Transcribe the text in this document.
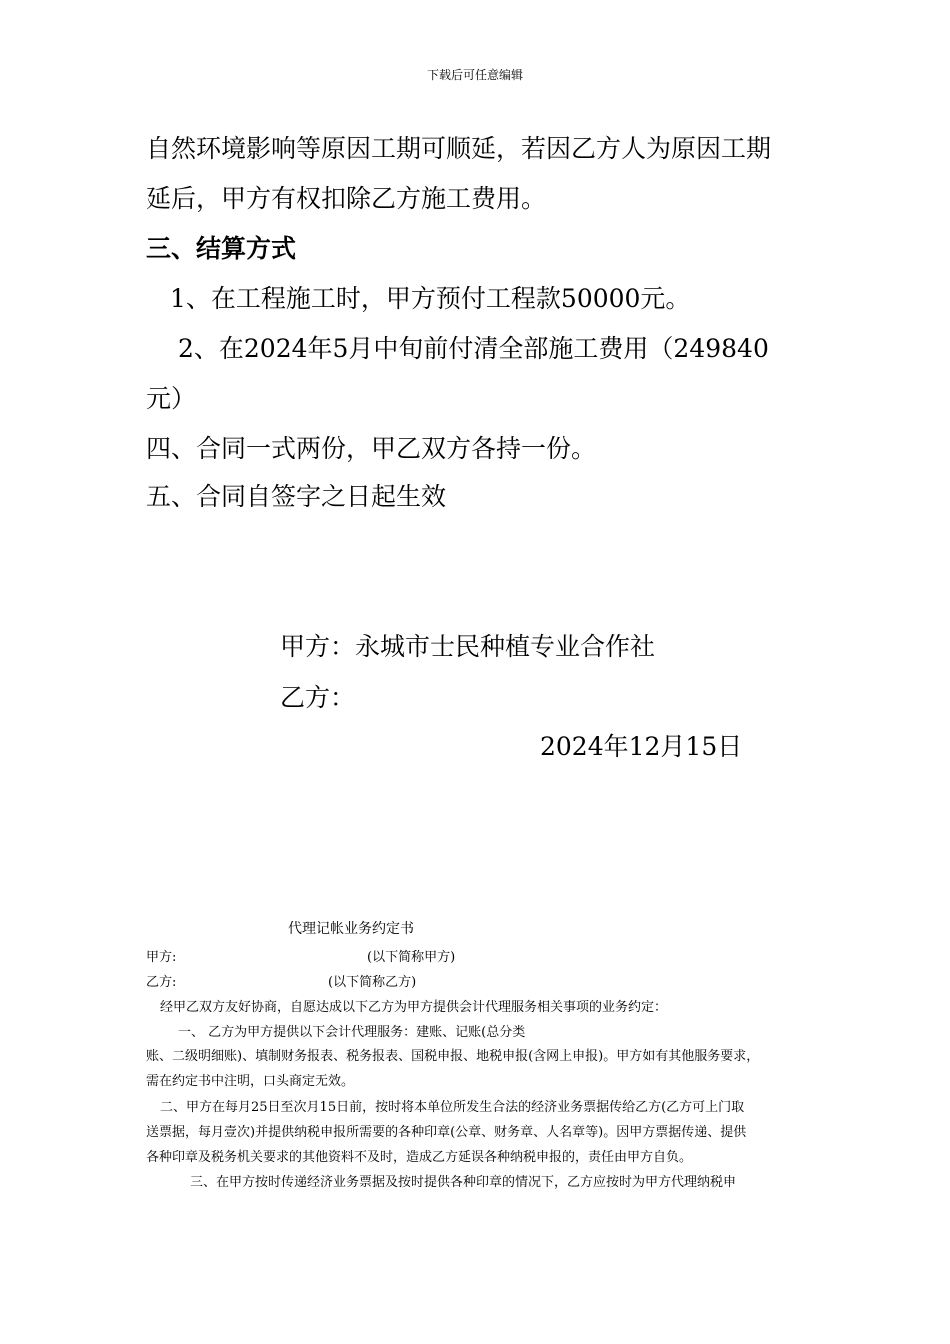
下载后可任意编辑
自然环境影响等原因工期可顺延，若因乙方人为原因工期
延后，甲方有权扣除乙方施工费用。
三、结算方式
1、在工程施工时，甲方预付工程款50000元。
2、在2024年5月中旬前付清全部施工费用（249840
元）
四、合同一式两份，甲乙双方各持一份。
五、合同自签字之日起生效
甲方：永城市士民种植专业合作社
乙方：
2024年12月15日
代理记帐业务约定书
甲方:	(以下简称甲方)
乙方:	(以下简称乙方)
经甲乙双方友好协商，自愿达成以下乙方为甲方提供会计代理服务相关事项的业务约定：
一、 乙方为甲方提供以下会计代理服务：建账、记账(总分类
账、二级明细账)、填制财务报表、税务报表、国税申报、地税申报(含网上申报)。甲方如有其他服务要求，
需在约定书中注明，口头商定无效。
二、甲方在每月25日至次月15日前，按时将本单位所发生合法的经济业务票据传给乙方(乙方可上门取
送票据，每月壹次)并提供纳税申报所需要的各种印章(公章、财务章、人名章等)。因甲方票据传递、提供
各种印章及税务机关要求的其他资料不及时，造成乙方延误各种纳税申报的，责任由甲方自负。
三、在甲方按时传递经济业务票据及按时提供各种印章的情况下，乙方应按时为甲方代理纳税申
